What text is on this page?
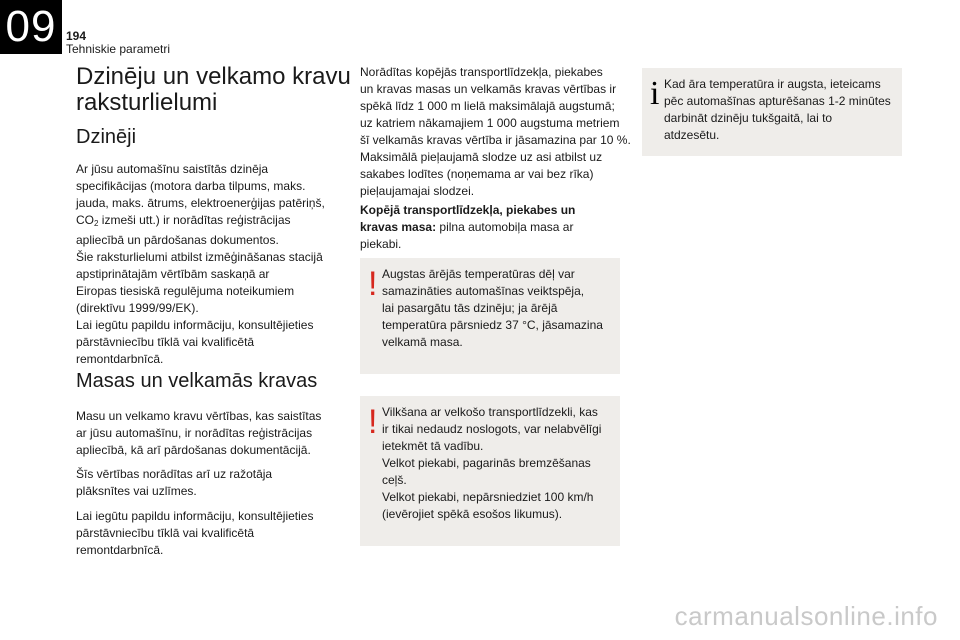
09 194
Tehniskie parametri
Dzinēju un velkamo kravu
raksturlielumi
Dzinēji
Ar jūsu automašīnu saistītās dzinēja
specifikācijas (motora darba tilpums, maks.
jauda, maks. ātrums, elektroenerģijas patēriņš,
$CO_2$ izmeši utt.) ir norādītas reģistrācijas
apliecībā un pārdošanas dokumentos.
Šie raksturlielumi atbilst izmēģināšanas stacijā
apstiprinātajām vērtībām saskaņā ar
Eiropas tiesiskā regulējuma noteikumiem
(direktīvu 1999/99/EK).
Lai iegūtu papildu informāciju, konsultējieties
pārstāvniecību tīklā vai kvalificētā
remontdarbnīcā.
Masas un velkamās kravas
Masu un velkamo kravu vērtības, kas saistītas
ar jūsu automašīnu, ir norādītas reģistrācijas
apliecībā, kā arī pārdošanas dokumentācijā.
Šīs vērtības norādītas arī uz ražotāja
plāksnītes vai uzlīmes.
Lai iegūtu papildu informāciju, konsultējieties
pārstāvniecību tīklā vai kvalificētā
remontdarbnīcā.
Norādītas kopējās transportlīdzekļa, piekabes
un kravas masas un velkamās kravas vērtības ir
spēkā līdz 1 000 m lielā maksimālajā augstumā;
uz katriem nākamajiem 1 000 augstuma metriem
šī velkamās kravas vērtība ir jāsamazina par 10 %.
Maksimālā pieļaujamā slodze uz asi atbilst uz
sakabes lodītes (noņemama ar vai bez rīka)
pieļaujamajai slodzei.
Kopējā transportlīdzekļa, piekabes un
kravas masa: pilna automobiļa masa ar
piekabi.
! Augstas ārējās temperatūras dēļ var
samazināties automašīnas veiktspēja,
lai pasargātu tās dzinēju; ja ārējā
temperatūra pārsniedz 37 °C, jāsamazina
velkamā masa.
! Vilkšana ar velkošo transportlīdzekli, kas
ir tikai nedaudz noslogots, var nelabvēlīgi
ietekmēt tā vadību.
Velkot piekabi, pagarinās bremzēšanas
ceļš.
Velkot piekabi, nepārsniedziet 100 km/h
(ievērojiet spēkā esošos likumus).
i Kad āra temperatūra ir augsta, ieteicams
pēc automašīnas apturēšanas 1-2 minūtes
darbināt dzinēju tukšgaitā, lai to
atdzesētu.
carmanualsonline.info
